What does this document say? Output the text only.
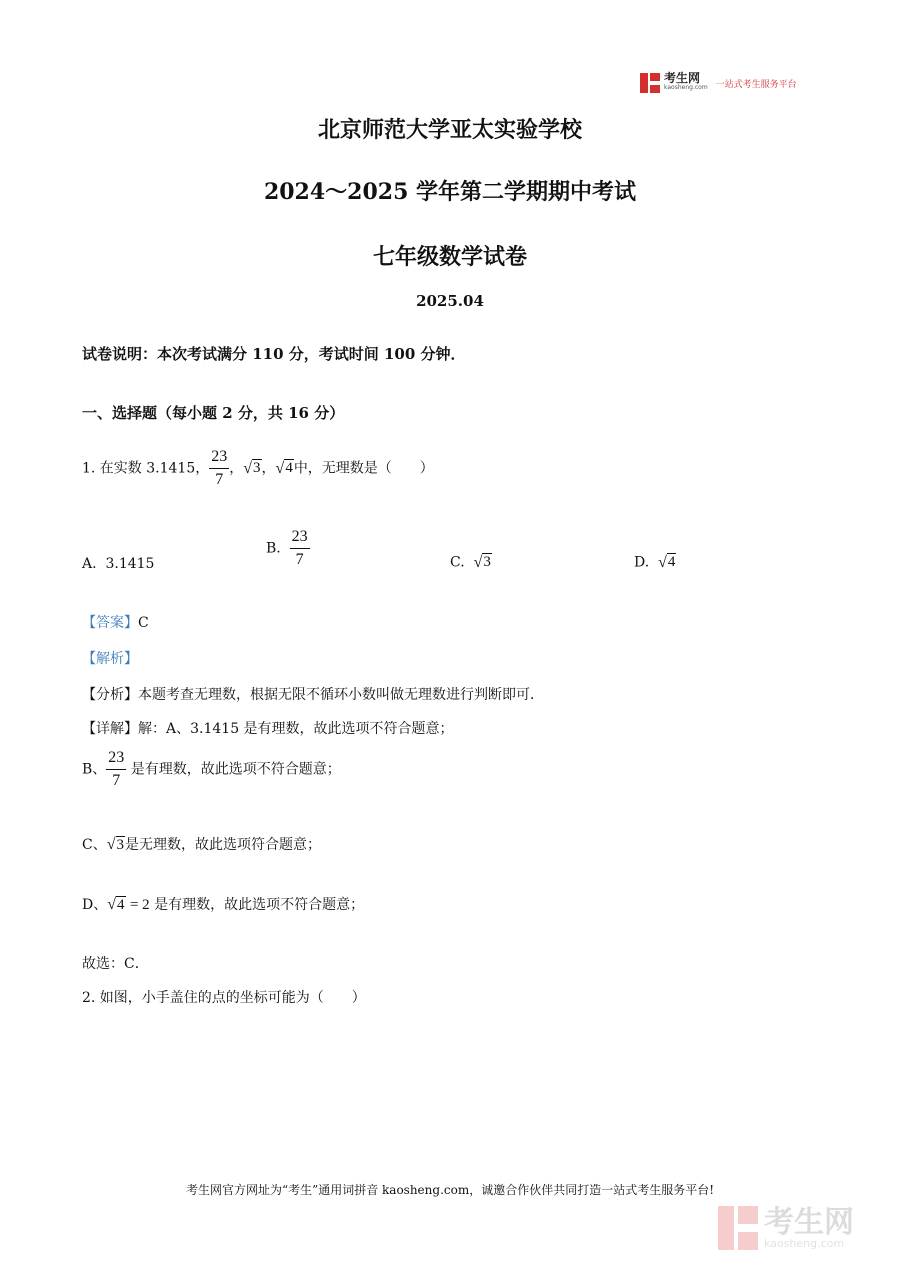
考生网
kaosheng.com 一站式考生服务平台
北京师范大学亚太实验学校
2024～2025 学年第二学期期中考试
七年级数学试卷
2025.04
试卷说明：本次考试满分 110 分，考试时间 100 分钟．
一、选择题（每小题 2 分，共 16 分）
1. 在实数 3.1415， $\frac{23}{7}$ ， √ 3 ， √ 4 中，无理数是（　　）
A. 3.1415
B. $\frac{23}{7}$	C. √ 3	D. √ 4
【答案】C
【解析】
【分析】本题考查无理数，根据无限不循环小数叫做无理数进行判断即可．
【详解】解：A、3.1415 是有理数，故此选项不符合题意；
B、 $\frac{23}{7}$ 是有理数，故此选项不符合题意；
C、 √ 3 是无理数，故此选项符合题意；
D、 √ 4 = 2 是有理数，故此选项不符合题意；
故选：C．
2. 如图，小手盖住的点的坐标可能为（　　）
考生网官方网址为“考生”通用词拼音 kaosheng.com，诚邀合作伙伴共同打造一站式考生服务平台!
考生网
kaosheng.com
